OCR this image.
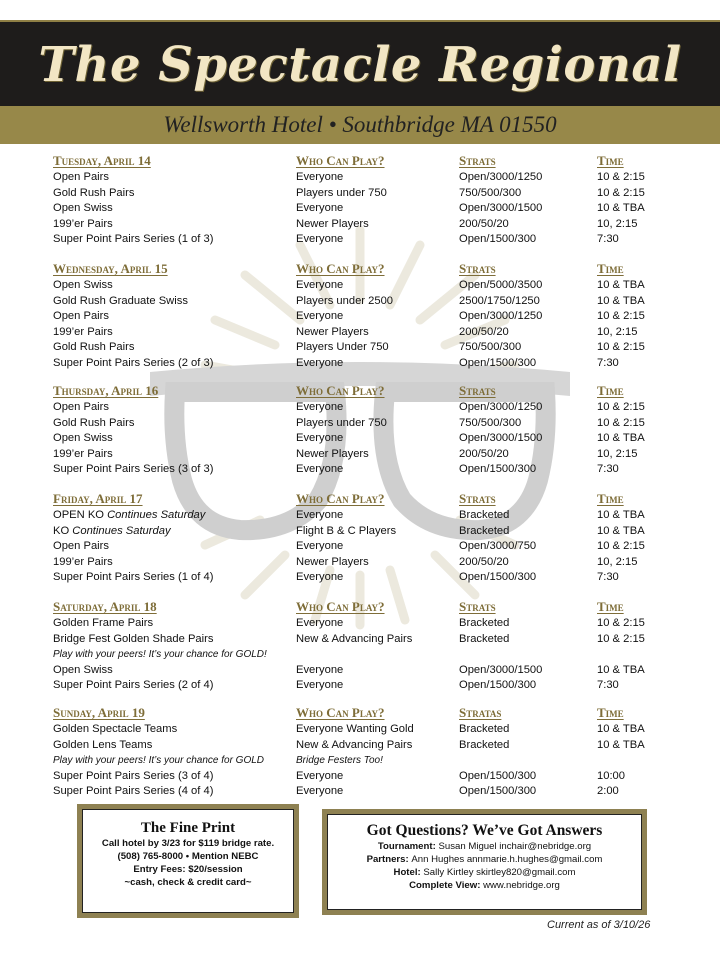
The Spectacle Regional
Wellsworth Hotel • Southbridge MA 01550
Tuesday, April 14	Who Can Play?	Strats	Time
Open Pairs	Everyone	Open/3000/1250	10 & 2:15
Gold Rush Pairs	Players under 750	750/500/300	10 & 2:15
Open Swiss	Everyone	Open/3000/1500	10 & TBA
199’er Pairs	Newer Players	200/50/20	10, 2:15
Super Point Pairs Series (1 of 3)	Everyone	Open/1500/300	7:30
Wednesday, April 15	Who Can Play?	Strats	Time
Open Swiss	Everyone	Open/5000/3500	10 & TBA
Gold Rush Graduate Swiss	Players under 2500	2500/1750/1250	10 & TBA
Open Pairs	Everyone	Open/3000/1250	10 & 2:15
199’er Pairs	Newer Players	200/50/20	10, 2:15
Gold Rush Pairs	Players Under 750	750/500/300	10 & 2:15
Super Point Pairs Series (2 of 3)	Everyone	Open/1500/300	7:30
Thursday, April 16	Who Can Play?	Strats	Time
Open Pairs	Everyone	Open/3000/1250	10 & 2:15
Gold Rush Pairs	Players under 750	750/500/300	10 & 2:15
Open Swiss	Everyone	Open/3000/1500	10 & TBA
199’er Pairs	Newer Players	200/50/20	10, 2:15
Super Point Pairs Series (3 of 3)	Everyone	Open/1500/300	7:30
Friday, April 17	Who Can Play?	Strats	Time
OPEN KO Continues Saturday	Everyone	Bracketed	10 & TBA
KO Continues Saturday	Flight B & C Players	Bracketed	10 & TBA
Open Pairs	Everyone	Open/3000/750	10 & 2:15
199’er Pairs	Newer Players	200/50/20	10, 2:15
Super Point Pairs Series (1 of 4)	Everyone	Open/1500/300	7:30
Saturday, April 18	Who Can Play?	Strats	Time
Golden Frame Pairs	Everyone	Bracketed	10 & 2:15
Bridge Fest Golden Shade Pairs	New & Advancing Pairs	Bracketed	10 & 2:15
Play with your peers! It’s your chance for GOLD!
Open Swiss	Everyone	Open/3000/1500	10 & TBA
Super Point Pairs Series (2 of 4)	Everyone	Open/1500/300	7:30
Sunday, April 19	Who Can Play?	Stratas	Time
Golden Spectacle Teams	Everyone Wanting Gold	Bracketed	10 & TBA
Golden Lens Teams	New & Advancing Pairs	Bracketed	10 & TBA
Play with your peers! It’s your chance for GOLD	Bridge Festers Too!
Super Point Pairs Series (3 of 4)	Everyone	Open/1500/300	10:00
Super Point Pairs Series (4 of 4)	Everyone	Open/1500/300	2:00
The Fine Print
Call hotel by 3/23 for $119 bridge rate.
(508) 765-8000 • Mention NEBC
Entry Fees: $20/session
~cash, check & credit card~
Got Questions? We’ve Got Answers
Tournament: Susan Miguel inchair@nebridge.org
Partners: Ann Hughes annmarie.h.hughes@gmail.com
Hotel: Sally Kirtley skirtley820@gmail.com
Complete View: www.nebridge.org
Current as of 3/10/26
